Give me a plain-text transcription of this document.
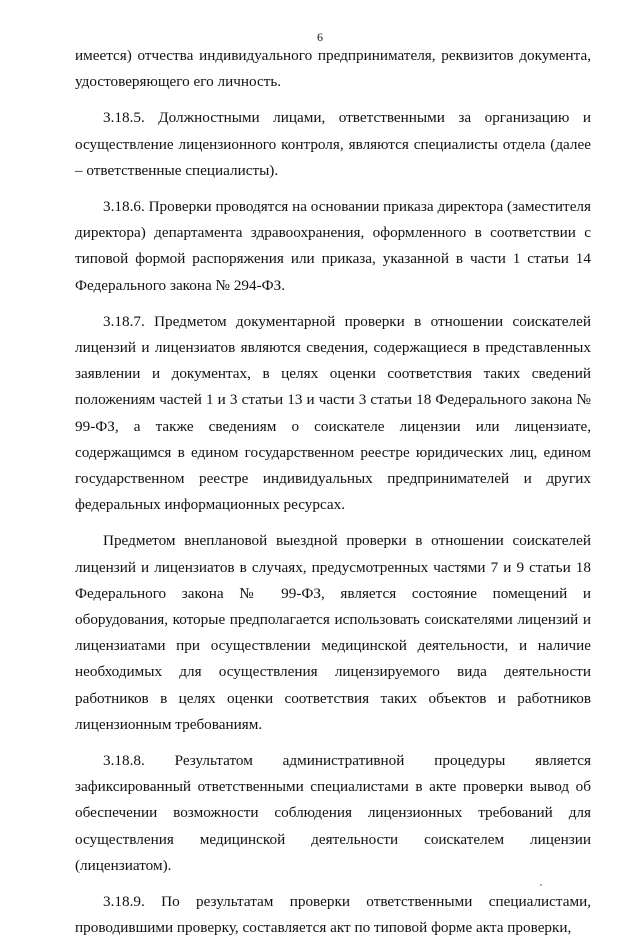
6

имеется) отчества индивидуального предпринимателя, реквизитов документа, удостоверяющего его личность.

3.18.5. Должностными лицами, ответственными за организацию и осуществление лицензионного контроля, являются специалисты отдела (далее – ответственные специалисты).

3.18.6. Проверки проводятся на основании приказа директора (заместителя директора) департамента здравоохранения, оформленного в соответствии с типовой формой распоряжения или приказа, указанной в части 1 статьи 14 Федерального закона № 294-ФЗ.

3.18.7. Предметом документарной проверки в отношении соискателей лицензий и лицензиатов являются сведения, содержащиеся в представленных заявлении и документах, в целях оценки соответствия таких сведений положениям частей 1 и 3 статьи 13 и части 3 статьи 18 Федерального закона № 99-ФЗ, а также сведениям о соискателе лицензии или лицензиате, содержащимся в едином государственном реестре юридических лиц, едином государственном реестре индивидуальных предпринимателей и других федеральных информационных ресурсах.

Предметом внеплановой выездной проверки в отношении соискателей лицензий и лицензиатов в случаях, предусмотренных частями 7 и 9 статьи 18 Федерального закона № 99-ФЗ, является состояние помещений и оборудования, которые предполагается использовать соискателями лицензий и лицензиатами при осуществлении медицинской деятельности, и наличие необходимых для осуществления лицензируемого вида деятельности работников в целях оценки соответствия таких объектов и работников лицензионным требованиям.

3.18.8. Результатом административной процедуры является зафиксированный ответственными специалистами в акте проверки вывод об обеспечении возможности соблюдения лицензионных требований для осуществления медицинской деятельности соискателем лицензии (лицензиатом).

3.18.9. По результатам проверки ответственными специалистами, проводившими проверку, составляется акт по типовой форме акта проверки,
